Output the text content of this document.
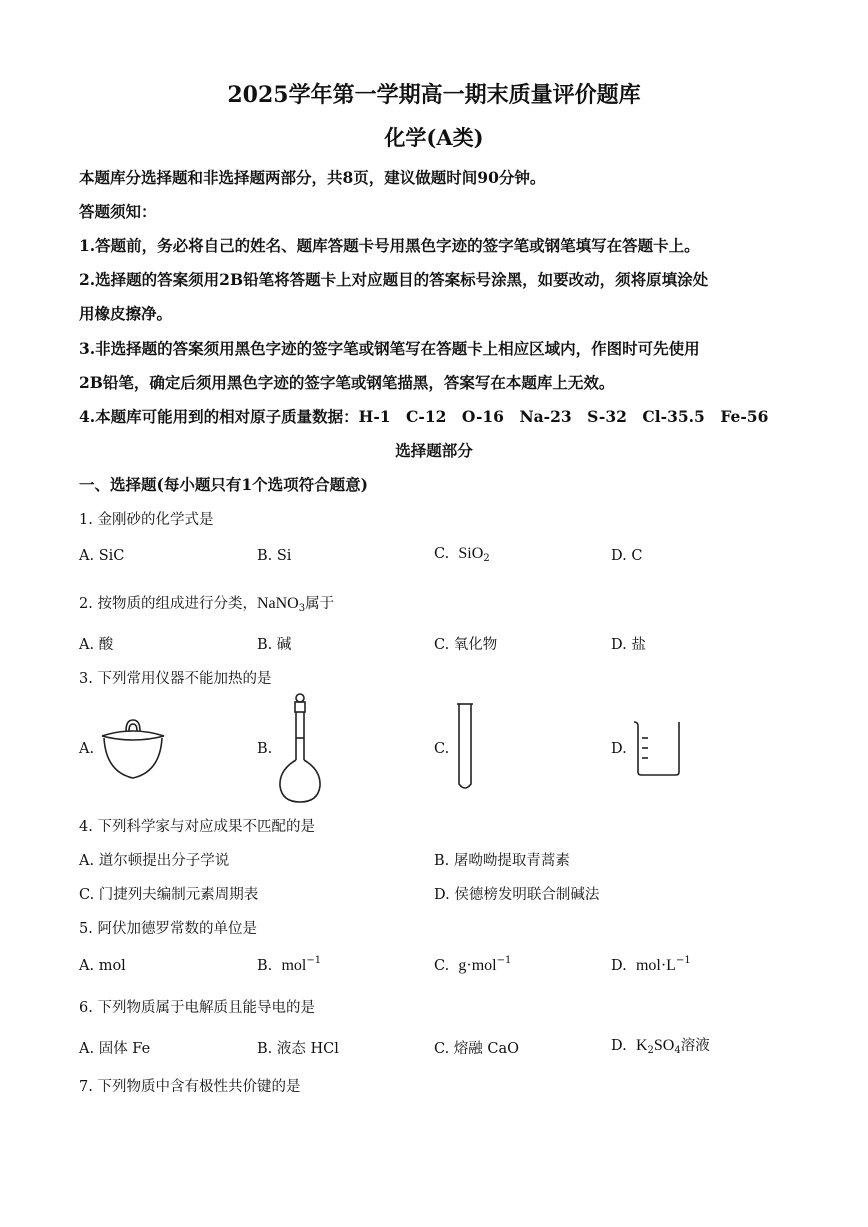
2025学年第一学期高一期末质量评价题库
化学(A类)
本题库分选择题和非选择题两部分，共8页，建议做题时间90分钟。
答题须知：
1.答题前，务必将自己的姓名、题库答题卡号用黑色字迹的签字笔或钢笔填写在答题卡上。
2.选择题的答案须用2B铅笔将答题卡上对应题目的答案标号涂黑，如要改动，须将原填涂处
用橡皮擦净。
3.非选择题的答案须用黑色字迹的签字笔或钢笔写在答题卡上相应区域内，作图时可先使用
2B铅笔，确定后须用黑色字迹的签字笔或钢笔描黑，答案写在本题库上无效。
4.本题库可能用到的相对原子质量数据：H-1　C-12　O-16　Na-23　S-32　Cl-35.5　Fe-56
选择题部分
一、选择题(每小题只有1个选项符合题意)
1. 金刚砂的化学式是
A. SiC	B. Si	C. SiO$_2$	D. C
2. 按物质的组成进行分类，NaNO$_3$属于
A. 酸	B. 碱	C. 氧化物	D. 盐
3. 下列常用仪器不能加热的是
A.	B.	C.	D.
4. 下列科学家与对应成果不匹配的是
A. 道尔顿提出分子学说	B. 屠呦呦提取青蒿素
C. 门捷列夫编制元素周期表	D. 侯德榜发明联合制碱法
5. 阿伏加德罗常数的单位是
A. mol	B. mol$^{-1}$	C. g·mol$^{-1}$	D. $mol\cdot L^{-1}$
6. 下列物质属于电解质且能导电的是
A. 固体 Fe	B. 液态 HCl	C. 熔融 CaO	D. $K_2SO_4$溶液
7. 下列物质中含有极性共价键的是
